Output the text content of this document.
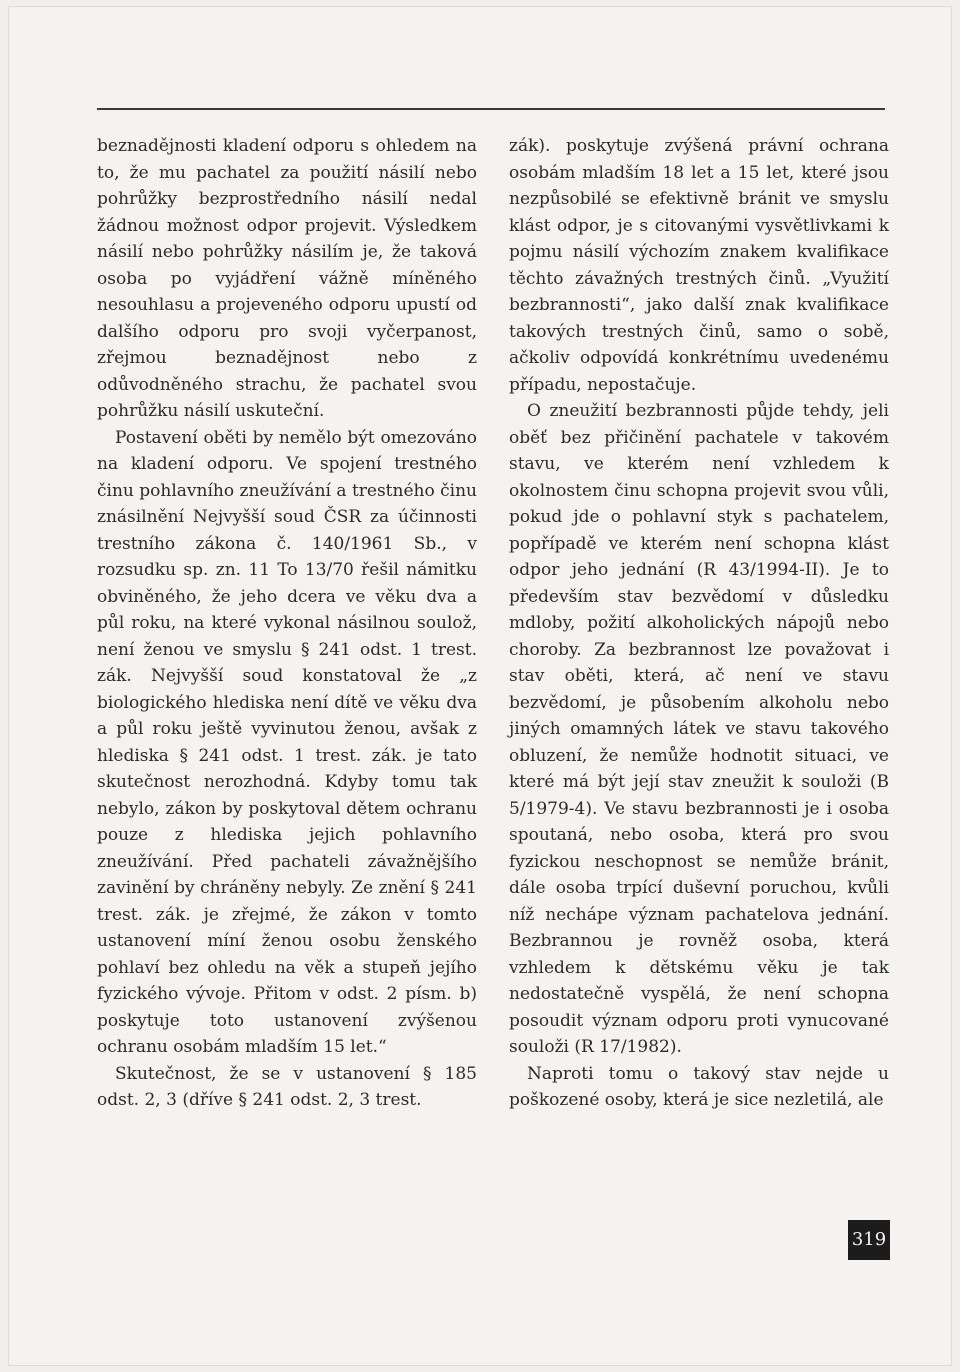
beznadějnosti kladení odporu s ohledem na to, že mu pachatel za použití násilí nebo pohrůžky bezprostředního násilí nedal žádnou možnost odpor projevit. Výsledkem násilí nebo pohrůžky násilím je, že taková osoba po vyjádření vážně míněného nesouhlasu a projeveného odporu upustí od dalšího odporu pro svoji vyčerpanost, zřejmou beznadějnost nebo z odůvodněného strachu, že pachatel svou pohrůžku násilí uskuteční.

Postavení oběti by nemělo být omezováno na kladení odporu. Ve spojení trestného činu pohlavního zneužívání a trestného činu znásilnění Nejvyšší soud ČSR za účinnosti trestního zákona č. 140/1961 Sb., v rozsudku sp. zn. 11 To 13/70 řešil námitku obviněného, že jeho dcera ve věku dva a půl roku, na které vykonal násilnou soulož, není ženou ve smyslu § 241 odst. 1 trest. zák. Nejvyšší soud konstatoval že „z biologického hlediska není dítě ve věku dva a půl roku ještě vyvinutou ženou, avšak z hlediska § 241 odst. 1 trest. zák. je tato skutečnost nerozhodná. Kdyby tomu tak nebylo, zákon by poskytoval dětem ochranu pouze z hlediska jejich pohlavního zneužívání. Před pachateli závažnějšího zavinění by chráněny nebyly. Ze znění § 241 trest. zák. je zřejmé, že zákon v tomto ustanovení míní ženou osobu ženského pohlaví bez ohledu na věk a stupeň jejího fyzického vývoje. Přitom v odst. 2 písm. b) poskytuje toto ustanovení zvýšenou ochranu osobám mladším 15 let.“

Skutečnost, že se v ustanovení § 185 odst. 2, 3 (dříve § 241 odst. 2, 3 trest.

zák). poskytuje zvýšená právní ochrana osobám mladším 18 let a 15 let, které jsou nezpůsobilé se efektivně bránit ve smyslu klást odpor, je s citovanými vysvětlivkami k pojmu násilí výchozím znakem kvalifikace těchto závažných trestných činů. „Využití bezbrannosti“, jako další znak kvalifikace takových trestných činů, samo o sobě, ačkoliv odpovídá konkrétnímu uvedenému případu, nepostačuje.

O zneužití bezbrannosti půjde tehdy, jeli oběť bez přičinění pachatele v takovém stavu, ve kterém není vzhledem k okolnostem činu schopna projevit svou vůli, pokud jde o pohlavní styk s pachatelem, popřípadě ve kterém není schopna klást odpor jeho jednání (R 43/1994-II). Je to především stav bezvědomí v důsledku mdloby, požití alkoholických nápojů nebo choroby. Za bezbrannost lze považovat i stav oběti, která, ač není ve stavu bezvědomí, je působením alkoholu nebo jiných omamných látek ve stavu takového obluzení, že nemůže hodnotit situaci, ve které má být její stav zneužit k souloži (B 5/1979-4). Ve stavu bezbrannosti je i osoba spoutaná, nebo osoba, která pro svou fyzickou neschopnost se nemůže bránit, dále osoba trpící duševní poruchou, kvůli níž nechápe význam pachatelova jednání. Bezbrannou je rovněž osoba, která vzhledem k dětskému věku je tak nedostatečně vyspělá, že není schopna posoudit význam odporu proti vynucované souloži (R 17/1982).

Naproti tomu o takový stav nejde u poškozené osoby, která je sice nezletilá, ale

319
